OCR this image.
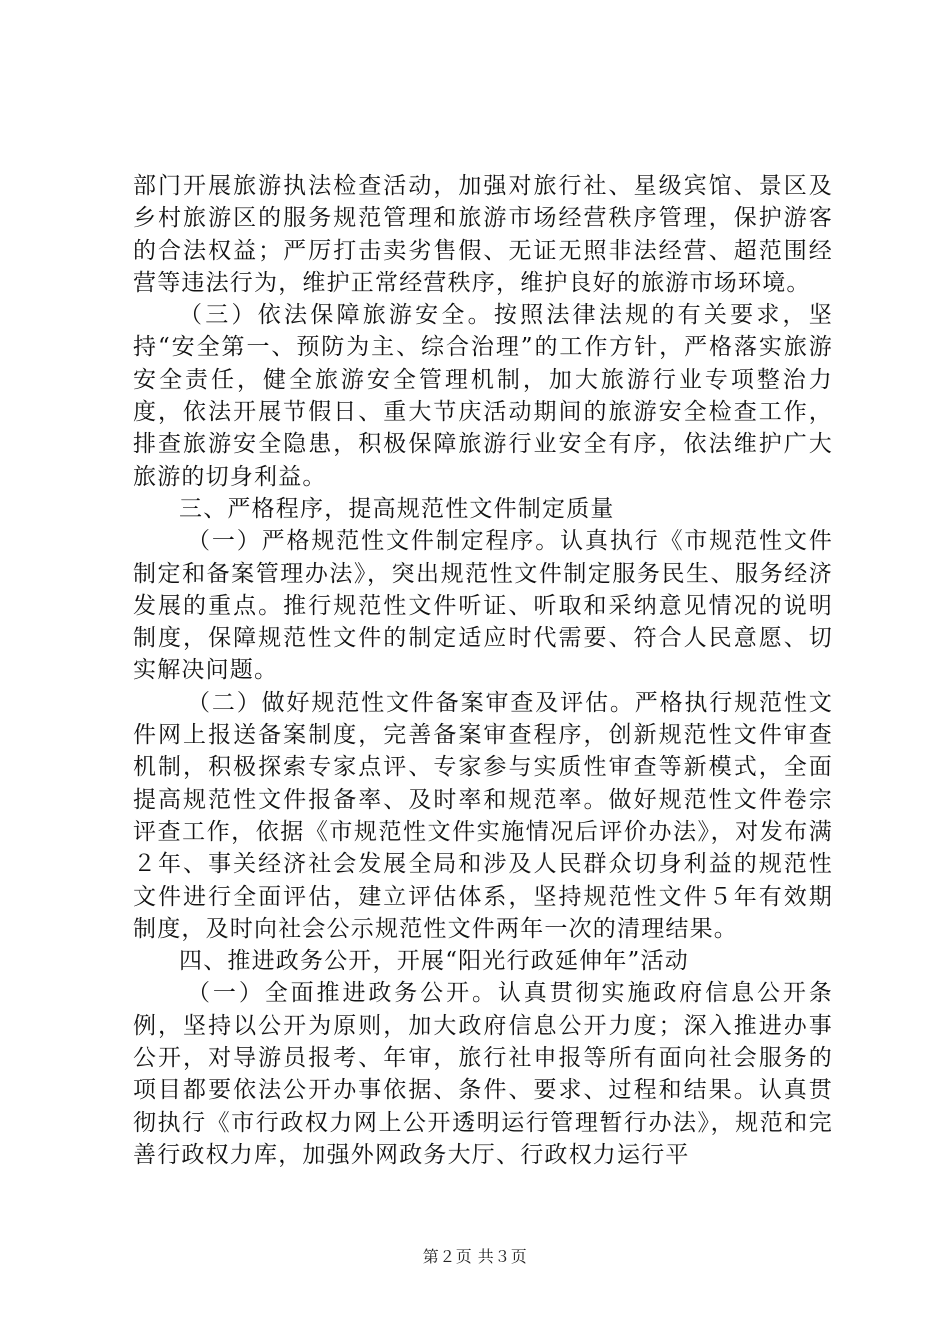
部门开展旅游执法检查活动，加强对旅行社、星级宾馆、景区及乡村旅游区的服务规范管理和旅游市场经营秩序管理，保护游客的合法权益；严厉打击卖劣售假、无证无照非法经营、超范围经营等违法行为，维护正常经营秩序，维护良好的旅游市场环境。

（三）依法保障旅游安全。按照法律法规的有关要求，坚持“安全第一、预防为主、综合治理”的工作方针，严格落实旅游安全责任，健全旅游安全管理机制，加大旅游行业专项整治力度，依法开展节假日、重大节庆活动期间的旅游安全检查工作，排查旅游安全隐患，积极保障旅游行业安全有序，依法维护广大旅游的切身利益。

三、严格程序，提高规范性文件制定质量

（一）严格规范性文件制定程序。认真执行《市规范性文件制定和备案管理办法》，突出规范性文件制定服务民生、服务经济发展的重点。推行规范性文件听证、听取和采纳意见情况的说明制度，保障规范性文件的制定适应时代需要、符合人民意愿、切实解决问题。

（二）做好规范性文件备案审查及评估。严格执行规范性文件网上报送备案制度，完善备案审查程序，创新规范性文件审查机制，积极探索专家点评、专家参与实质性审查等新模式，全面提高规范性文件报备率、及时率和规范率。做好规范性文件卷宗评查工作，依据《市规范性文件实施情况后评价办法》，对发布满２年、事关经济社会发展全局和涉及人民群众切身利益的规范性文件进行全面评估，建立评估体系，坚持规范性文件５年有效期制度，及时向社会公示规范性文件两年一次的清理结果。

四、推进政务公开，开展“阳光行政延伸年”活动

（一）全面推进政务公开。认真贯彻实施政府信息公开条例，坚持以公开为原则，加大政府信息公开力度；深入推进办事公开，对导游员报考、年审，旅行社申报等所有面向社会服务的项目都要依法公开办事依据、条件、要求、过程和结果。认真贯彻执行《市行政权力网上公开透明运行管理暂行办法》，规范和完善行政权力库，加强外网政务大厅、行政权力运行平

第２页 共３页
